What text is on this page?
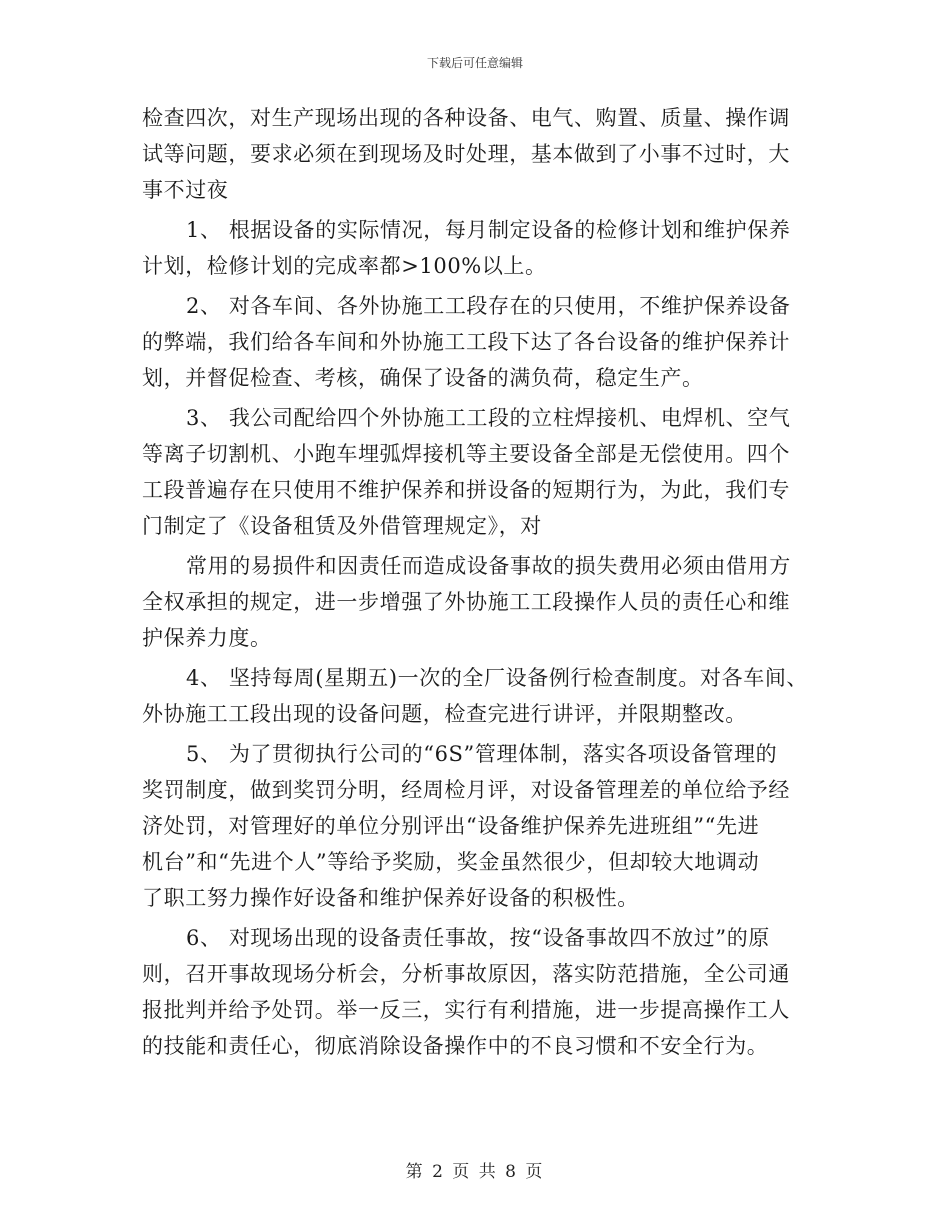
下载后可任意编辑
检查四次，对生产现场出现的各种设备、电气、购置、质量、操作调
试等问题，要求必须在到现场及时处理，基本做到了小事不过时，大
事不过夜
1、 根据设备的实际情况，每月制定设备的检修计划和维护保养
计划，检修计划的完成率都>100%以上。
2、 对各车间、各外协施工工段存在的只使用，不维护保养设备
的弊端，我们给各车间和外协施工工段下达了各台设备的维护保养计
划，并督促检查、考核，确保了设备的满负荷，稳定生产。
3、 我公司配给四个外协施工工段的立柱焊接机、电焊机、空气
等离子切割机、小跑车埋弧焊接机等主要设备全部是无偿使用。四个
工段普遍存在只使用不维护保养和拼设备的短期行为，为此，我们专
门制定了《设备租赁及外借管理规定》，对
常用的易损件和因责任而造成设备事故的损失费用必须由借用方
全权承担的规定，进一步增强了外协施工工段操作人员的责任心和维
护保养力度。
4、 坚持每周(星期五)一次的全厂设备例行检查制度。对各车间、
外协施工工段出现的设备问题，检查完进行讲评，并限期整改。
5、 为了贯彻执行公司的“6S”管理体制，落实各项设备管理的
奖罚制度，做到奖罚分明，经周检月评，对设备管理差的单位给予经
济处罚，对管理好的单位分别评出“设备维护保养先进班组”“先进
机台”和“先进个人”等给予奖励，奖金虽然很少，但却较大地调动
了职工努力操作好设备和维护保养好设备的积极性。
6、 对现场出现的设备责任事故，按“设备事故四不放过”的原
则，召开事故现场分析会，分析事故原因，落实防范措施，全公司通
报批判并给予处罚。举一反三，实行有利措施，进一步提高操作工人
的技能和责任心，彻底消除设备操作中的不良习惯和不安全行为。
第 2 页 共 8 页
